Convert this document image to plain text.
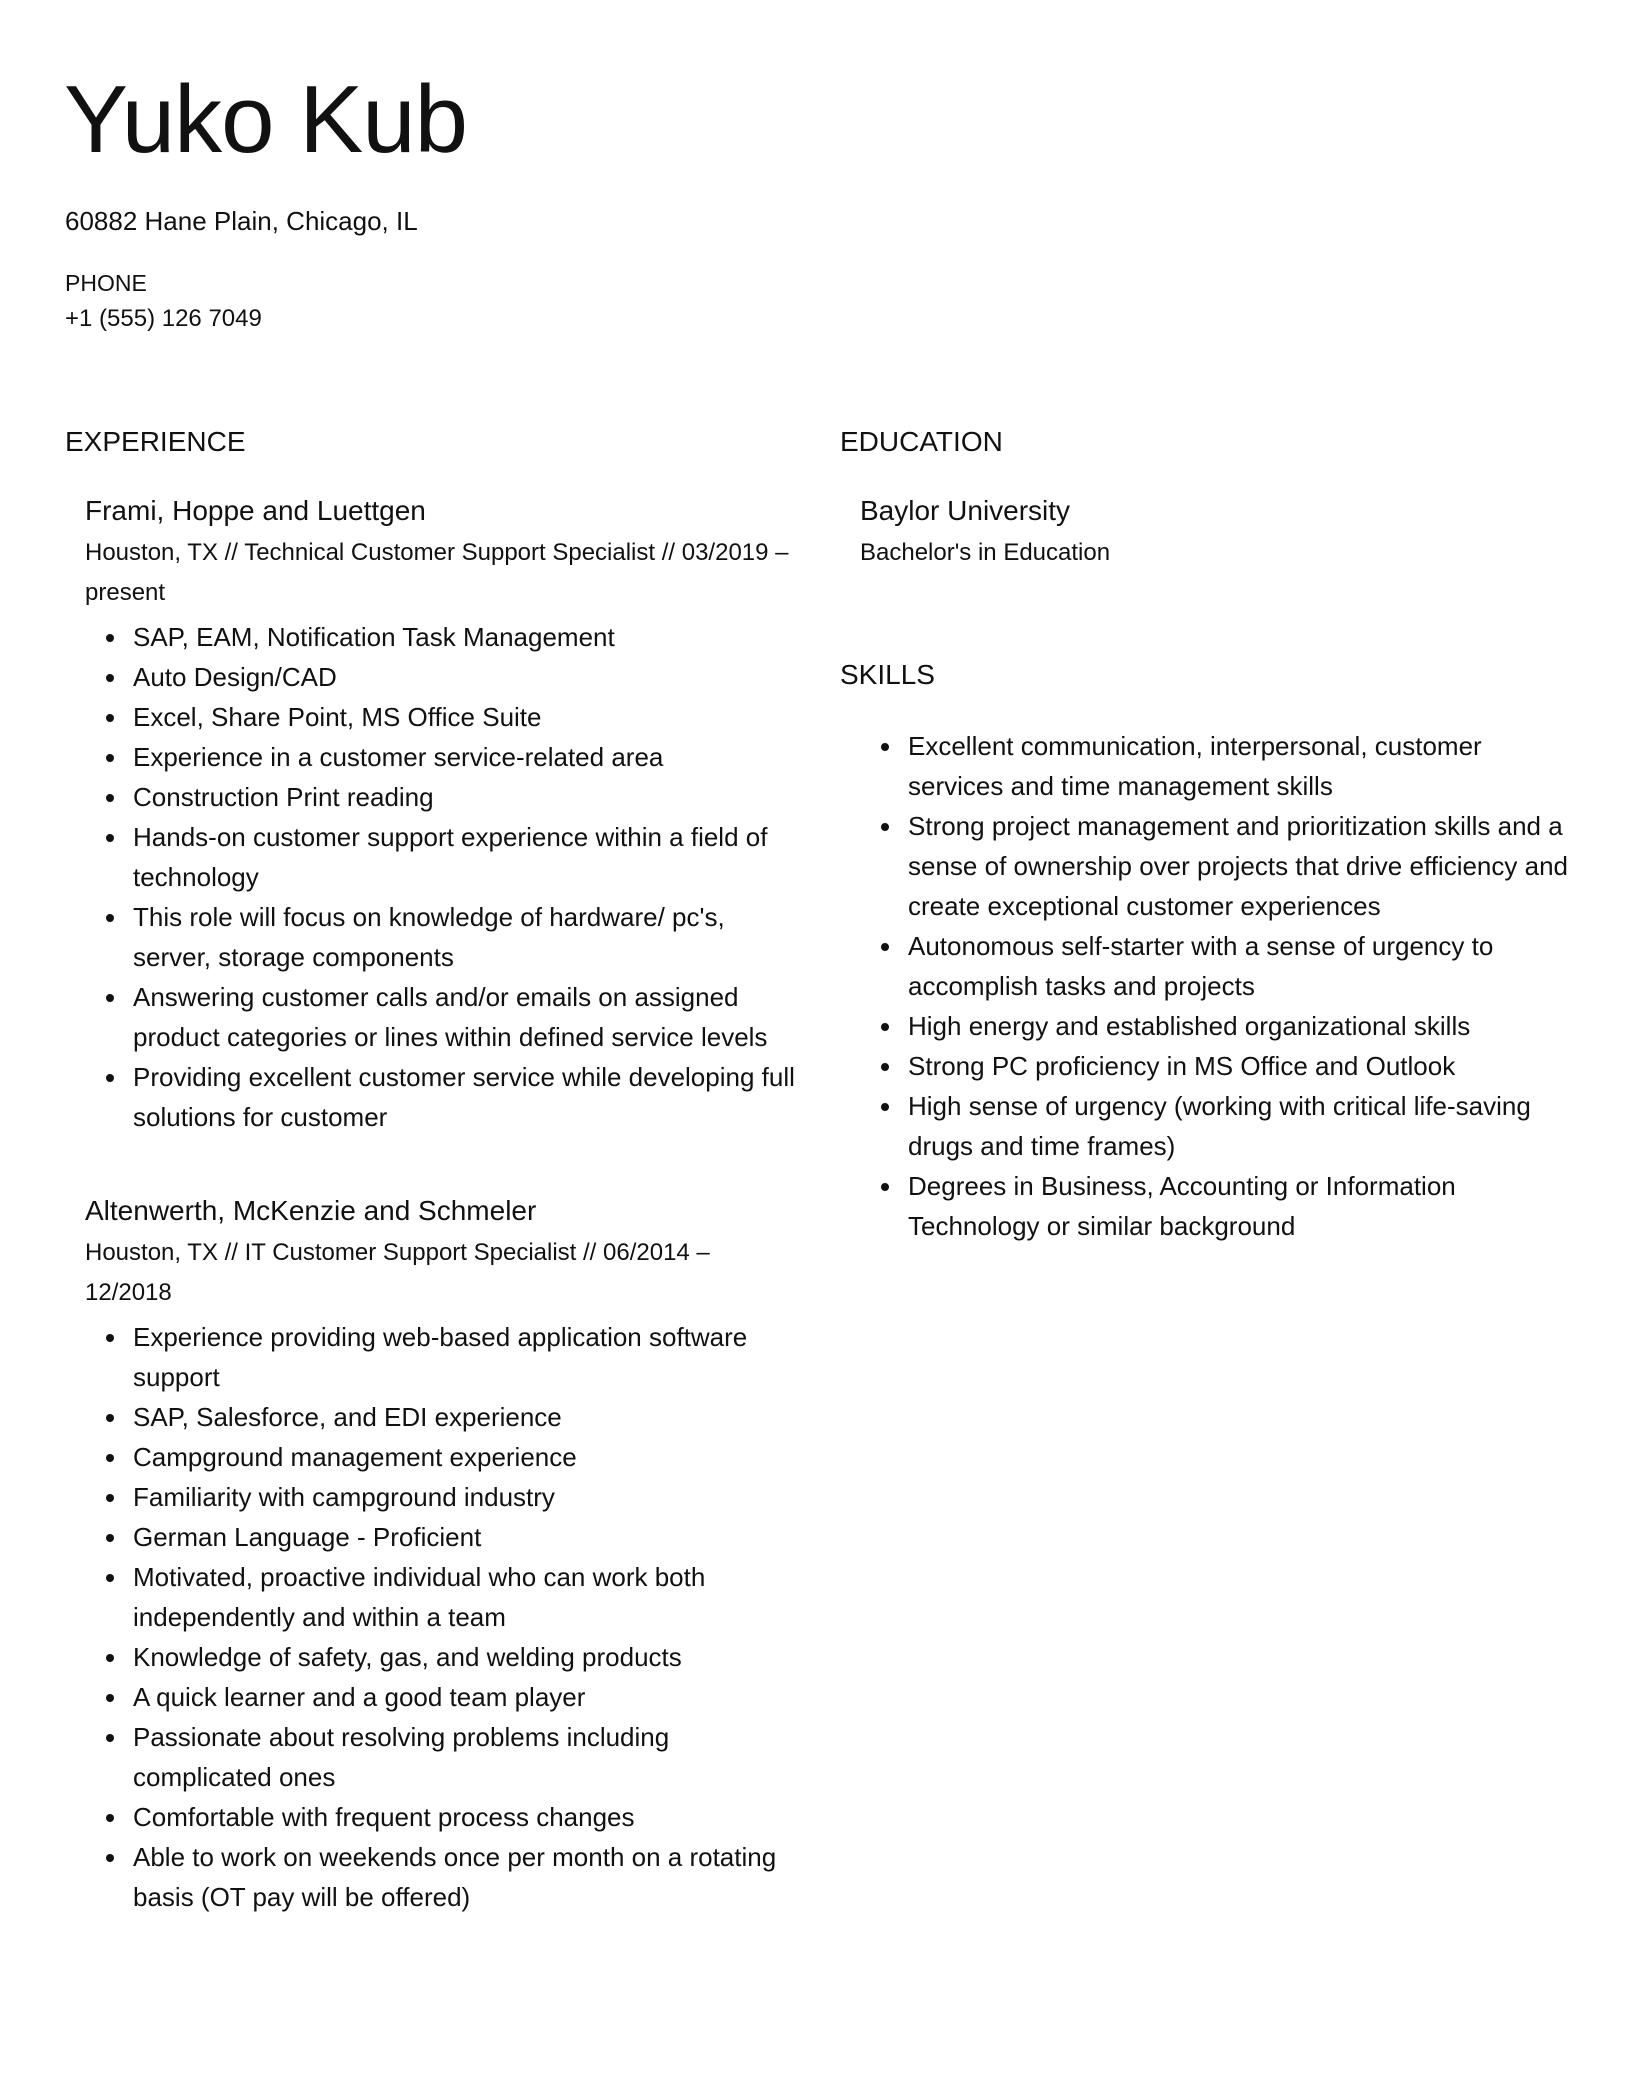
Yuko Kub

60882 Hane Plain, Chicago, IL

PHONE

+1 (555) 126 7049

EXPERIENCE
Frami, Hoppe and Luettgen

Houston, TX // Technical Customer Support Specialist // 03/2019 – present

SAP, EAM, Notification Task Management
Auto Design/CAD
Excel, Share Point, MS Office Suite
Experience in a customer service-related area
Construction Print reading
Hands-on customer support experience within a field of technology
This role will focus on knowledge of hardware/ pc's, server, storage components
Answering customer calls and/or emails on assigned product categories or lines within defined service levels
Providing excellent customer service while developing full solutions for customer
Altenwerth, McKenzie and Schmeler

Houston, TX // IT Customer Support Specialist // 06/2014 – 12/2018

Experience providing web-based application software support
SAP, Salesforce, and EDI experience
Campground management experience
Familiarity with campground industry
German Language - Proficient
Motivated, proactive individual who can work both independently and within a team
Knowledge of safety, gas, and welding products
A quick learner and a good team player
Passionate about resolving problems including complicated ones
Comfortable with frequent process changes
Able to work on weekends once per month on a rotating basis (OT pay will be offered)
EDUCATION
Baylor University

Bachelor's in Education

SKILLS
Excellent communication, interpersonal, customer services and time management skills
Strong project management and prioritization skills and a sense of ownership over projects that drive efficiency and create exceptional customer experiences
Autonomous self-starter with a sense of urgency to accomplish tasks and projects
High energy and established organizational skills
Strong PC proficiency in MS Office and Outlook
High sense of urgency (working with critical life-saving drugs and time frames)
Degrees in Business, Accounting or Information Technology or similar background
